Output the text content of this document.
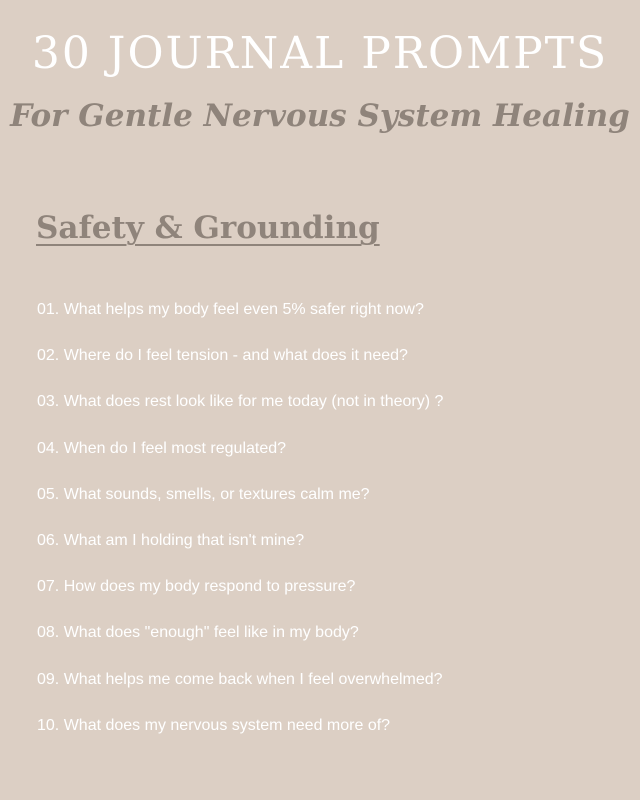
30 JOURNAL PROMPTS
For Gentle Nervous System Healing
Safety & Grounding
01. What helps my body feel even 5% safer right now?
02. Where do I feel tension - and what does it need?
03. What does rest look like for me today (not in theory) ?
04. When do I feel most regulated?
05. What sounds, smells, or textures calm me?
06. What am I holding that isn't mine?
07. How does my body respond to pressure?
08. What does "enough" feel like in my body?
09. What helps me come back when I feel overwhelmed?
10. What does my nervous system need more of?
